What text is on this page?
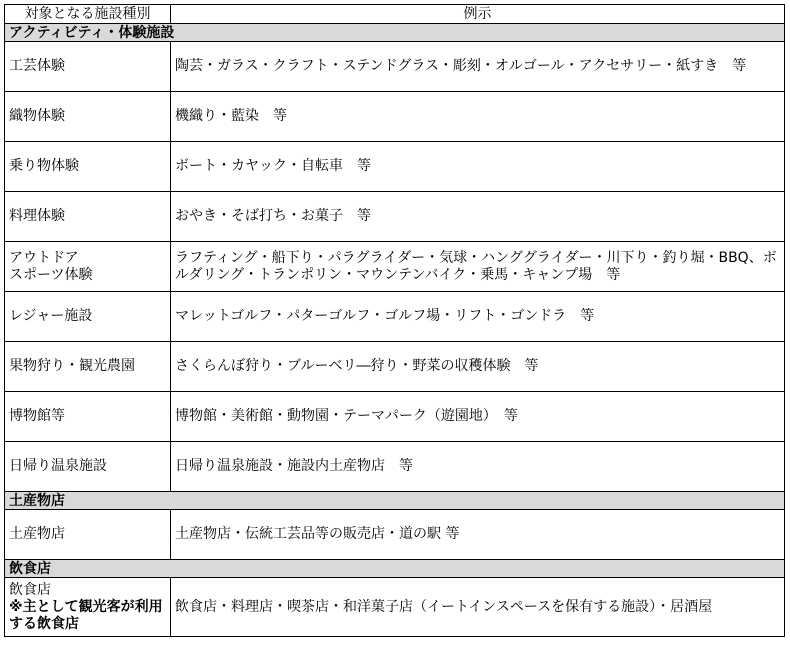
対象となる施設種別	例示
アクティビティ・体験施設	
工芸体験	陶芸・ガラス・クラフト・ステンドグラス・彫刻・オルゴール・アクセサリー・紙すき　等
織物体験	機織り・藍染　等
乗り物体験	ボート・カヤック・自転車　等
料理体験	おやき・そば打ち・お菓子　等
アウトドア
スポーツ体験	ラフティング・船下り・パラグライダー・気球・ハンググライダー・川下り・釣り堀・BBQ、ボルダリング・トランポリン・マウンテンバイク・乗馬・キャンプ場　等
レジャー施設	マレットゴルフ・パターゴルフ・ゴルフ場・リフト・ゴンドラ　等
果物狩り・観光農園	さくらんぼ狩り・ブルーベリ―狩り・野菜の収穫体験　等
博物館等	博物館・美術館・動物園・テーマパーク（遊園地）　等
日帰り温泉施設	日帰り温泉施設・施設内土産物店　等
土産物店	
土産物店	土産物店・伝統工芸品等の販売店・道の駅 等
飲食店	
飲食店
※主として観光客が利用する飲食店	飲食店・料理店・喫茶店・和洋菓子店（イートインスペースを保有する施設）・居酒屋
